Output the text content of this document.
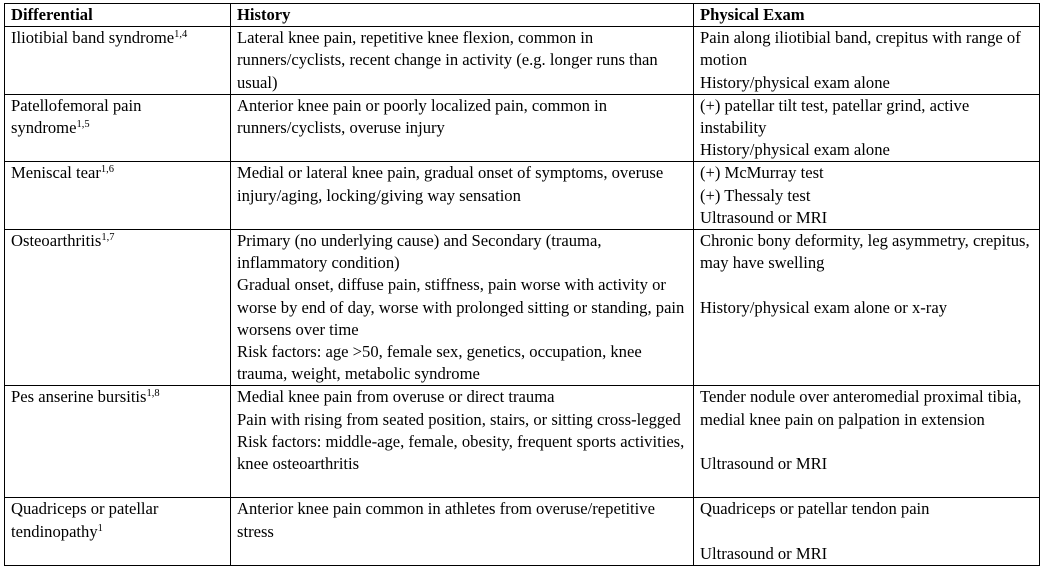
Differential	History	Physical Exam
Iliotibial band syndrome$^{1,4}$	Lateral knee pain, repetitive knee flexion, common in runners/cyclists, recent change in activity (e.g. longer runs than usual)	Pain along iliotibial band, crepitus with range of motion
History/physical exam alone

Patellofemoral pain syndrome$^{1,5}$	Anterior knee pain or poorly localized pain, common in runners/cyclists, overuse injury	(+) patellar tilt test, patellar grind, active instability
History/physical exam alone

Meniscal tear$^{1,6}$	Medial or lateral knee pain, gradual onset of symptoms, overuse injury/aging, locking/giving way sensation	(+) McMurray test
(+) Thessaly test
Ultrasound or MRI

Osteoarthritis$^{1,7}$	Primary (no underlying cause) and Secondary (trauma, inflammatory condition)
Gradual onset, diffuse pain, stiffness, pain worse with activity or worse by end of day, worse with prolonged sitting or standing, pain worsens over time
Risk factors: age >50, female sex, genetics, occupation, knee trauma, weight, metabolic syndrome	Chronic bony deformity, leg asymmetry, crepitus, may have swelling
History/physical exam alone or x-ray

Pes anserine bursitis$^{1,8}$	Medial knee pain from overuse or direct trauma
Pain with rising from seated position, stairs, or sitting cross-legged
Risk factors: middle-age, female, obesity, frequent sports activities, knee osteoarthritis	Tender nodule over anteromedial proximal tibia, medial knee pain on palpation in extension
Ultrasound or MRI

Quadriceps or patellar tendinopathy$^1$	Anterior knee pain common in athletes from overuse/repetitive stress	Quadriceps or patellar tendon pain
Ultrasound or MRI
